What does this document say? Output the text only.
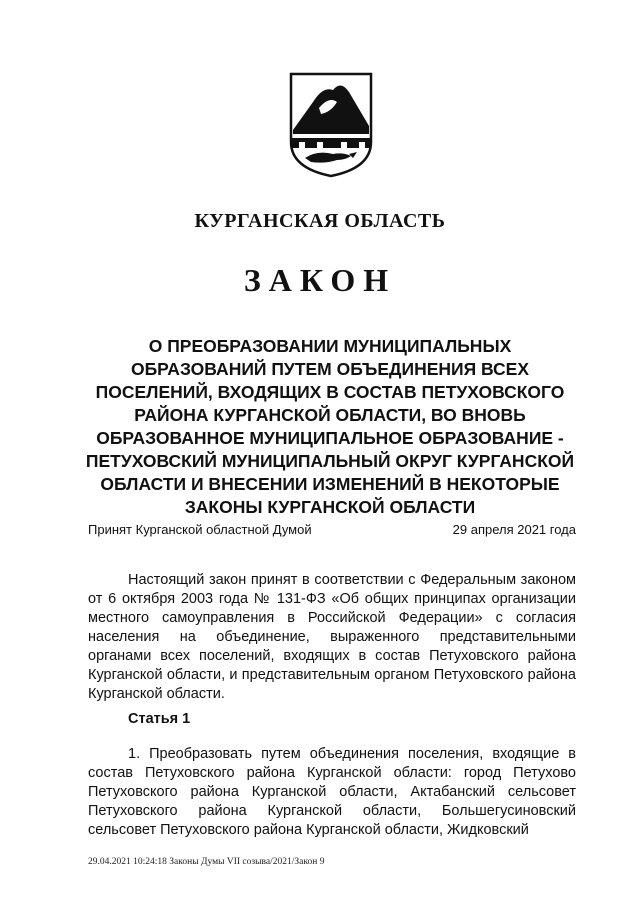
КУРГАНСКАЯ ОБЛАСТЬ
ЗАКОН
О ПРЕОБРАЗОВАНИИ МУНИЦИПАЛЬНЫХ ОБРАЗОВАНИЙ ПУТЕМ ОБЪЕДИНЕНИЯ ВСЕХ ПОСЕЛЕНИЙ, ВХОДЯЩИХ В СОСТАВ ПЕТУХОВСКОГО РАЙОНА КУРГАНСКОЙ ОБЛАСТИ, ВО ВНОВЬ ОБРАЗОВАННОЕ МУНИЦИПАЛЬНОЕ ОБРАЗОВАНИЕ - ПЕТУХОВСКИЙ МУНИЦИПАЛЬНЫЙ ОКРУГ КУРГАНСКОЙ ОБЛАСТИ И ВНЕСЕНИИ ИЗМЕНЕНИЙ В НЕКОТОРЫЕ ЗАКОНЫ КУРГАНСКОЙ ОБЛАСТИ
Принят Курганской областной Думой	29 апреля 2021 года
Настоящий закон принят в соответствии с Федеральным законом от 6 октября 2003 года № 131-ФЗ «Об общих принципах организации местного самоуправления в Российской Федерации» с согласия населения на объединение, выраженного представительными органами всех поселений, входящих в состав Петуховского района Курганской области, и представительным органом Петуховского района Курганской области.
Статья 1
1. Преобразовать путем объединения поселения, входящие в состав Петуховского района Курганской области: город Петухово Петуховского района Курганской области, Актабанский сельсовет Петуховского района Курганской области, Большегусиновский сельсовет Петуховского района Курганской области, Жидковский
29.04.2021 10:24:18 Законы Думы VII созыва/2021/Закон 9
